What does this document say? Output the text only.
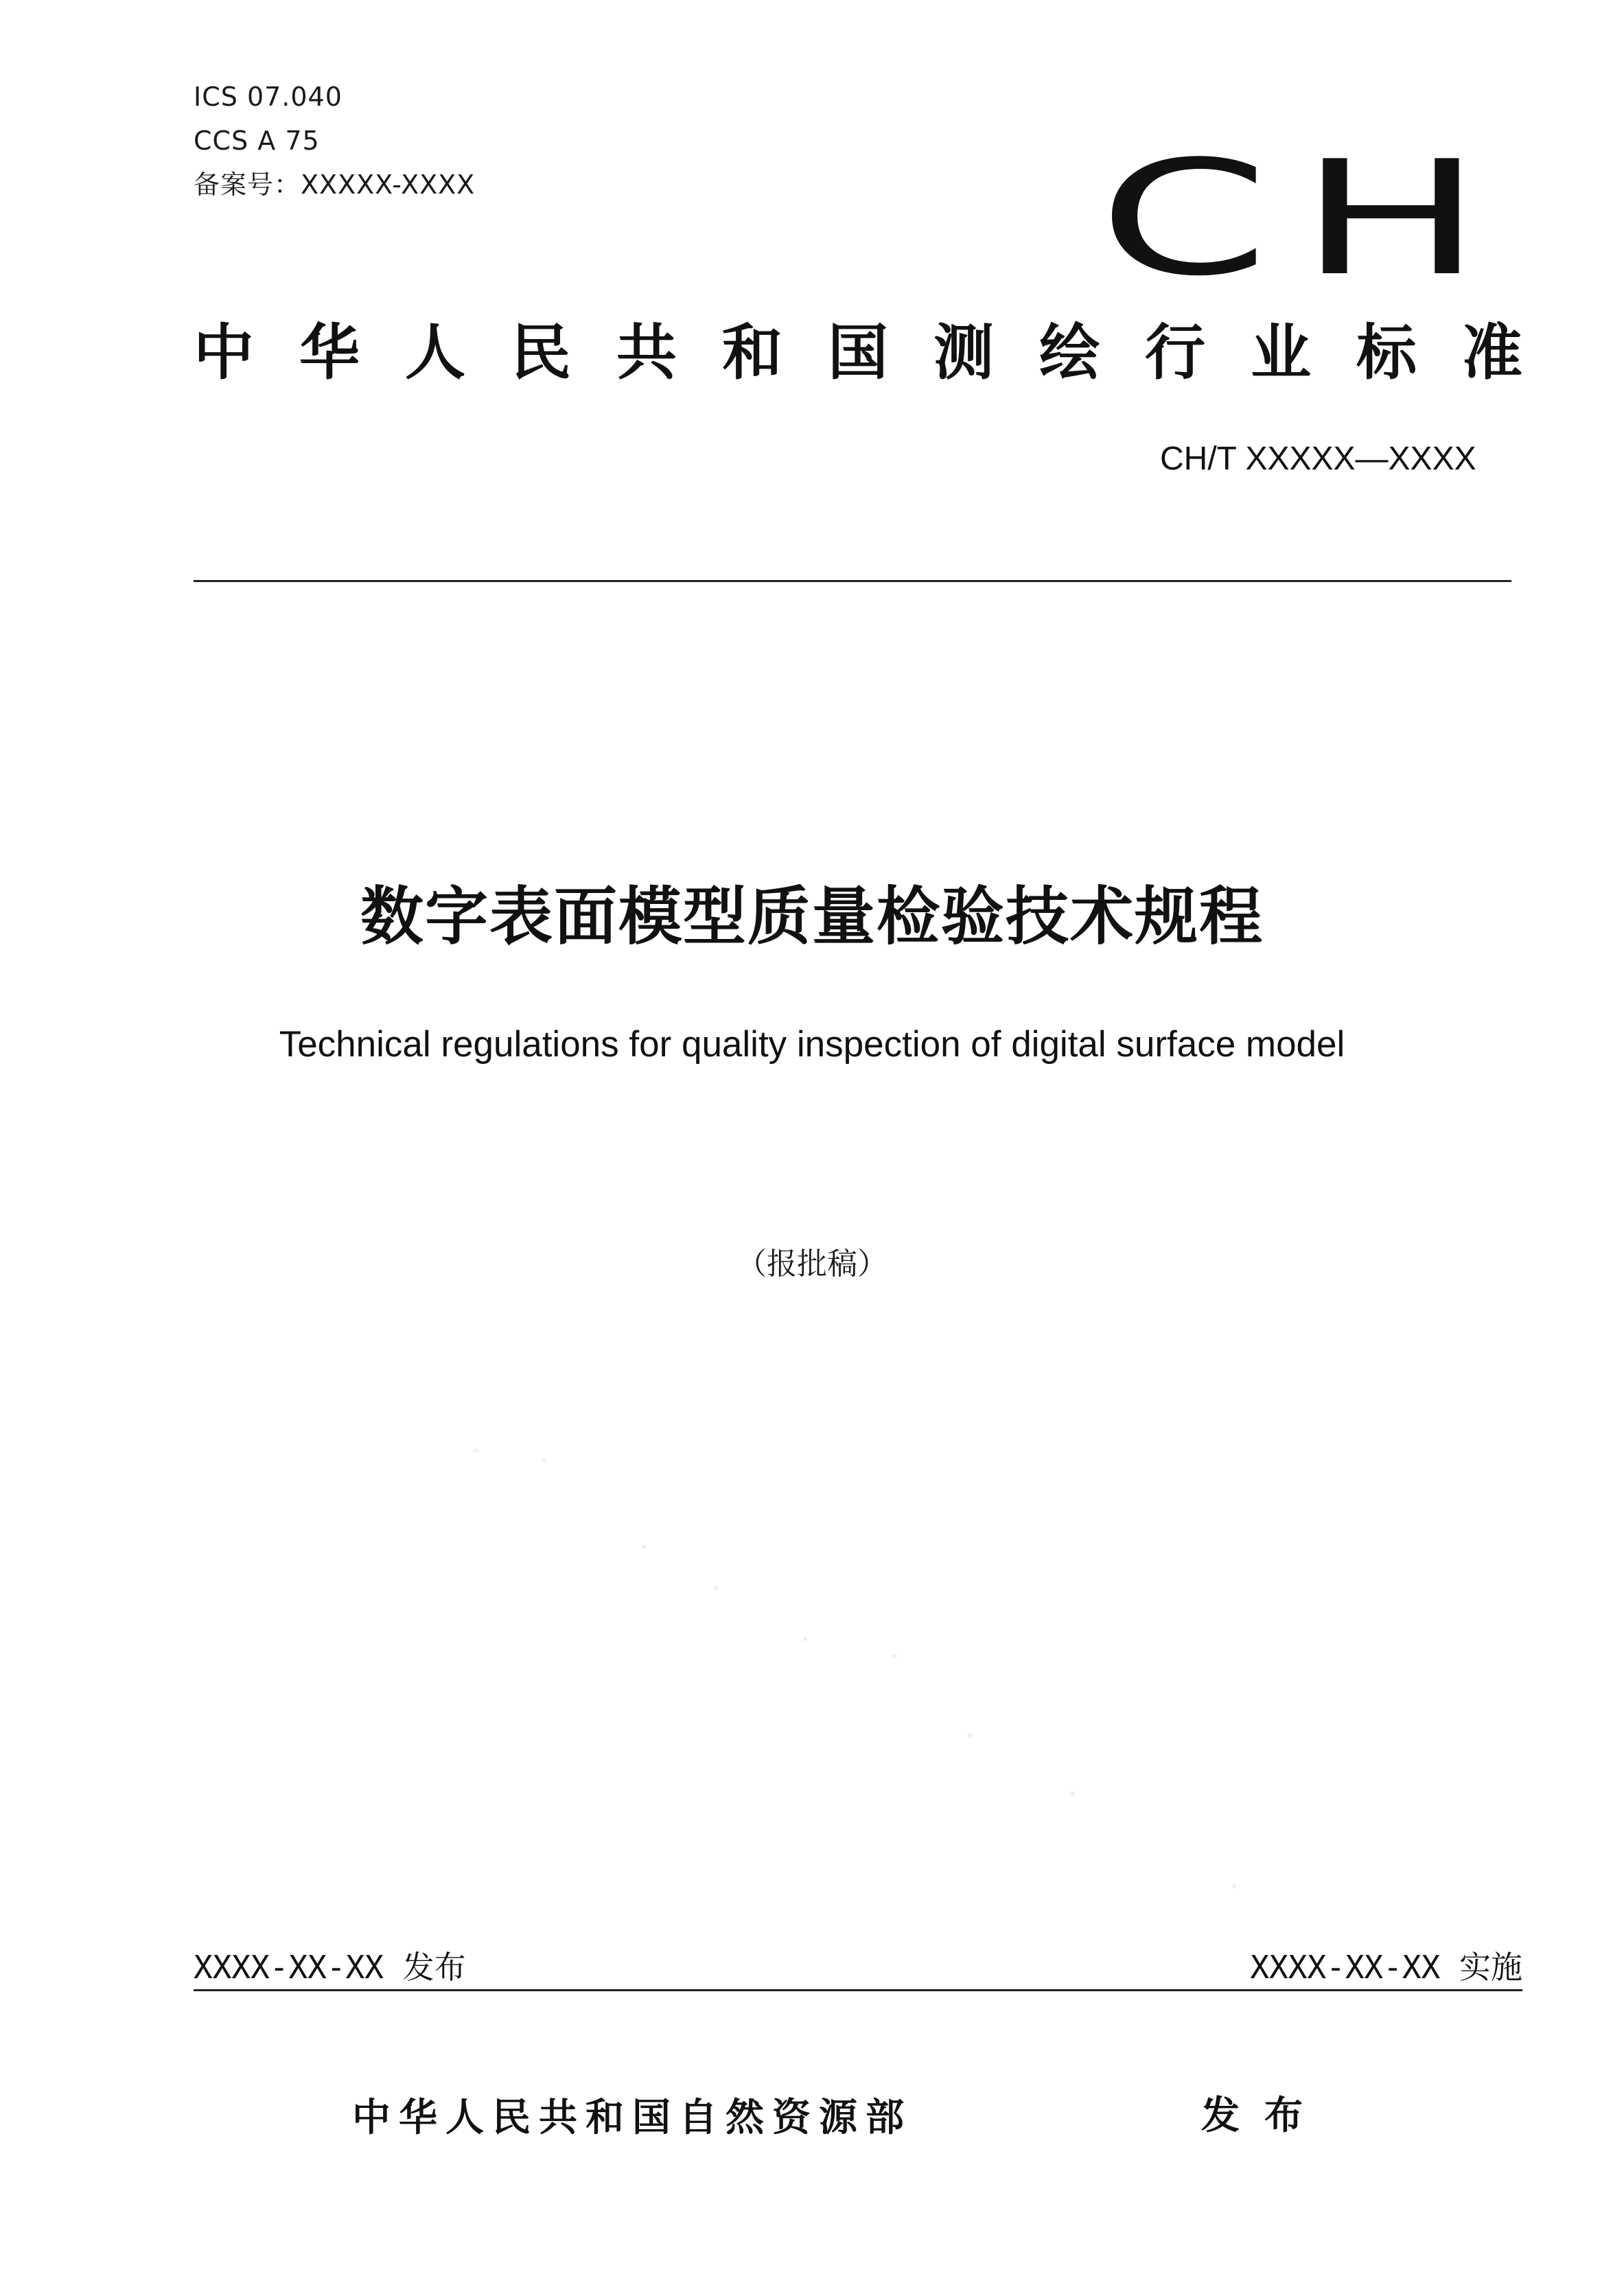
ICS 07.040
CCS A 75
备案号：XXXXX-XXXX	CH
中华人民共和国测绘行业标准
CH/T XXXXX—XXXX
数字表面模型质量检验技术规程
Technical regulations for quality inspection of digital surface model
（报批稿）
XXXX-XX-XX 发布	XXXX-XX-XX 实施
中华人民共和国自然资源部	发布
